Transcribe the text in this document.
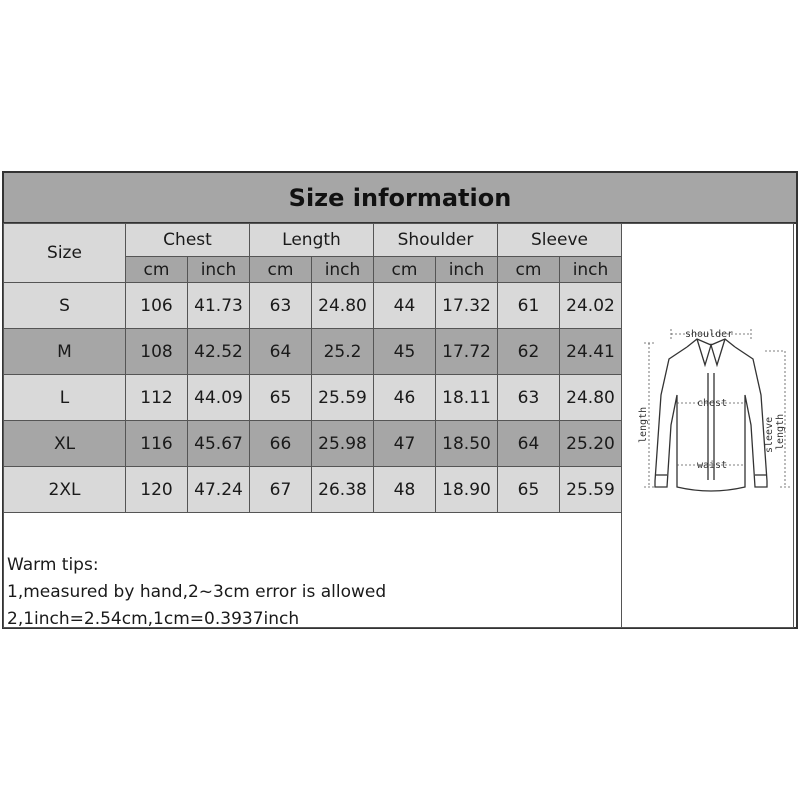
Size information
Size	Chest		Length		Shoulder		Sleeve		
	cm	inch	cm	inch	cm	inch	cm	inch	
S	106	41.73	63	24.80	44	17.32	61	24.02	
M	108	42.52	64	25.2	45	17.72	62	24.41	
L	112	44.09	65	25.59	46	18.11	63	24.80	
XL	116	45.67	66	25.98	47	18.50	64	25.20	
2XL	120	47.24	67	26.38	48	18.90	65	25.59	

Warm tips:
1,measured by hand,2~3cm error is allowed
2,1inch=2.54cm,1cm=0.3937inch
shoulder
chest
waist
length	sleeve length
